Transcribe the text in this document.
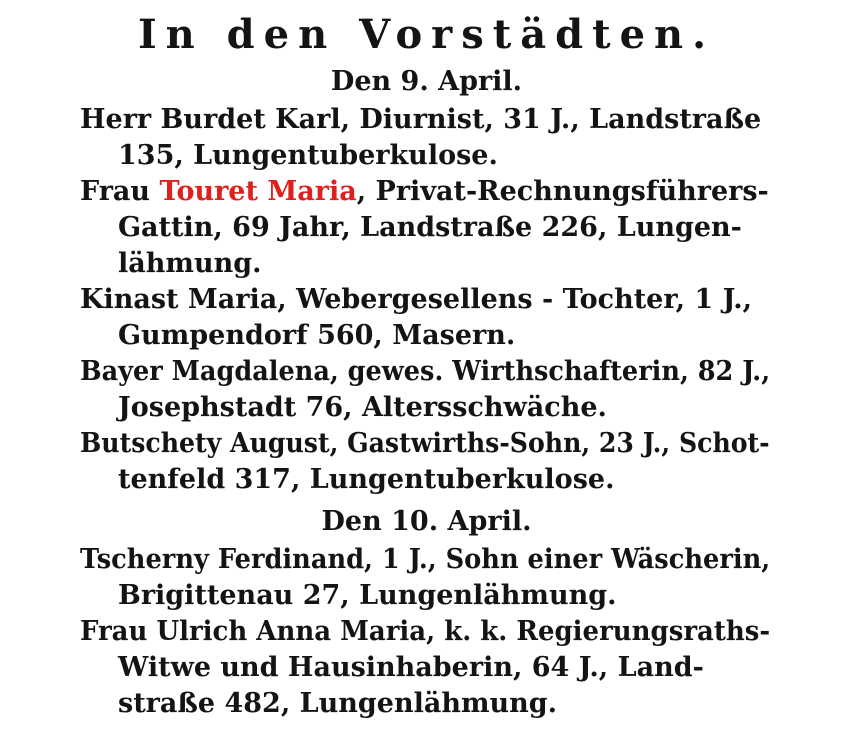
In den Vorstädten.
Den 9. April.
Herr Burdet Karl, Diurnist, 31 J., Landstraße
135, Lungentuberkulose.
Frau Touret Maria, Privat-Rechnungsführers-
Gattin, 69 Jahr, Landstraße 226, Lungen-
lähmung.
Kinast Maria, Webergesellens - Tochter, 1 J.,
Gumpendorf 560, Masern.
Bayer Magdalena, gewes. Wirthschafterin, 82 J.,
Josephstadt 76, Altersschwäche.
Butschety August, Gastwirths-Sohn, 23 J., Schot-
tenfeld 317, Lungentuberkulose.
Den 10. April.
Tscherny Ferdinand, 1 J., Sohn einer Wäscherin,
Brigittenau 27, Lungenlähmung.
Frau Ulrich Anna Maria, k. k. Regierungsraths-
Witwe und Hausinhaberin, 64 J., Land-
straße 482, Lungenlähmung.
